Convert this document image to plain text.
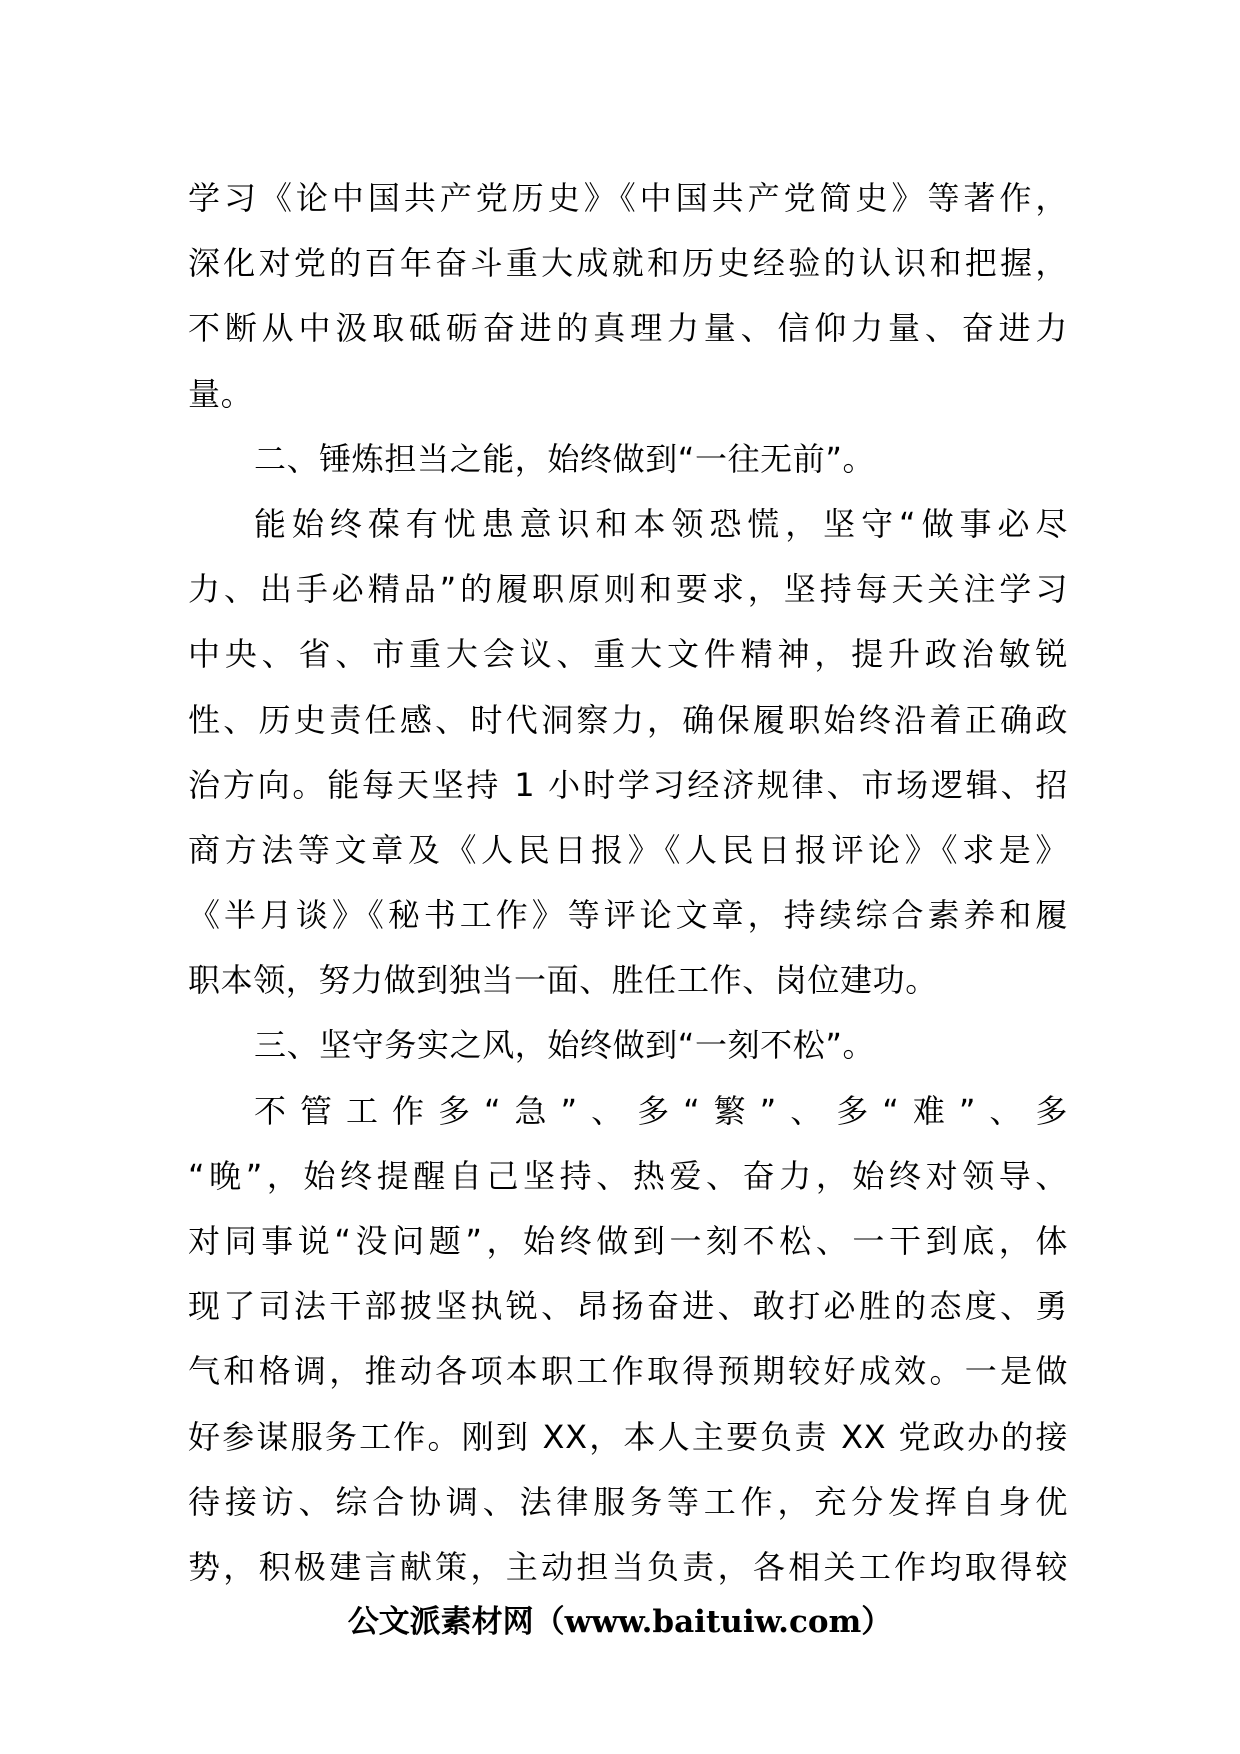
学习《论中国共产党历史》《中国共产党简史》等著作，
深化对党的百年奋斗重大成就和历史经验的认识和把握，
不断从中汲取砥砺奋进的真理力量、信仰力量、奋进力
量。
二、锤炼担当之能，始终做到“一往无前”。
能始终葆有忧患意识和本领恐慌，坚守“做事必尽
力、出手必精品”的履职原则和要求，坚持每天关注学习
中央、省、市重大会议、重大文件精神，提升政治敏锐
性、历史责任感、时代洞察力，确保履职始终沿着正确政
治方向。能每天坚持 1 小时学习经济规律、市场逻辑、招
商方法等文章及《人民日报》《人民日报评论》《求是》
《半月谈》《秘书工作》等评论文章，持续综合素养和履
职本领，努力做到独当一面、胜任工作、岗位建功。
三、坚守务实之风，始终做到“一刻不松”。
不管工作多“急”、多“繁”、多“难”、多
“晚”，始终提醒自己坚持、热爱、奋力，始终对领导、
对同事说“没问题”，始终做到一刻不松、一干到底，体
现了司法干部披坚执锐、昂扬奋进、敢打必胜的态度、勇
气和格调，推动各项本职工作取得预期较好成效。一是做
好参谋服务工作。刚到 XX，本人主要负责 XX 党政办的接
待接访、综合协调、法律服务等工作，充分发挥自身优
势，积极建言献策，主动担当负责，各相关工作均取得较
公文派素材网（www.baituiw.com）
